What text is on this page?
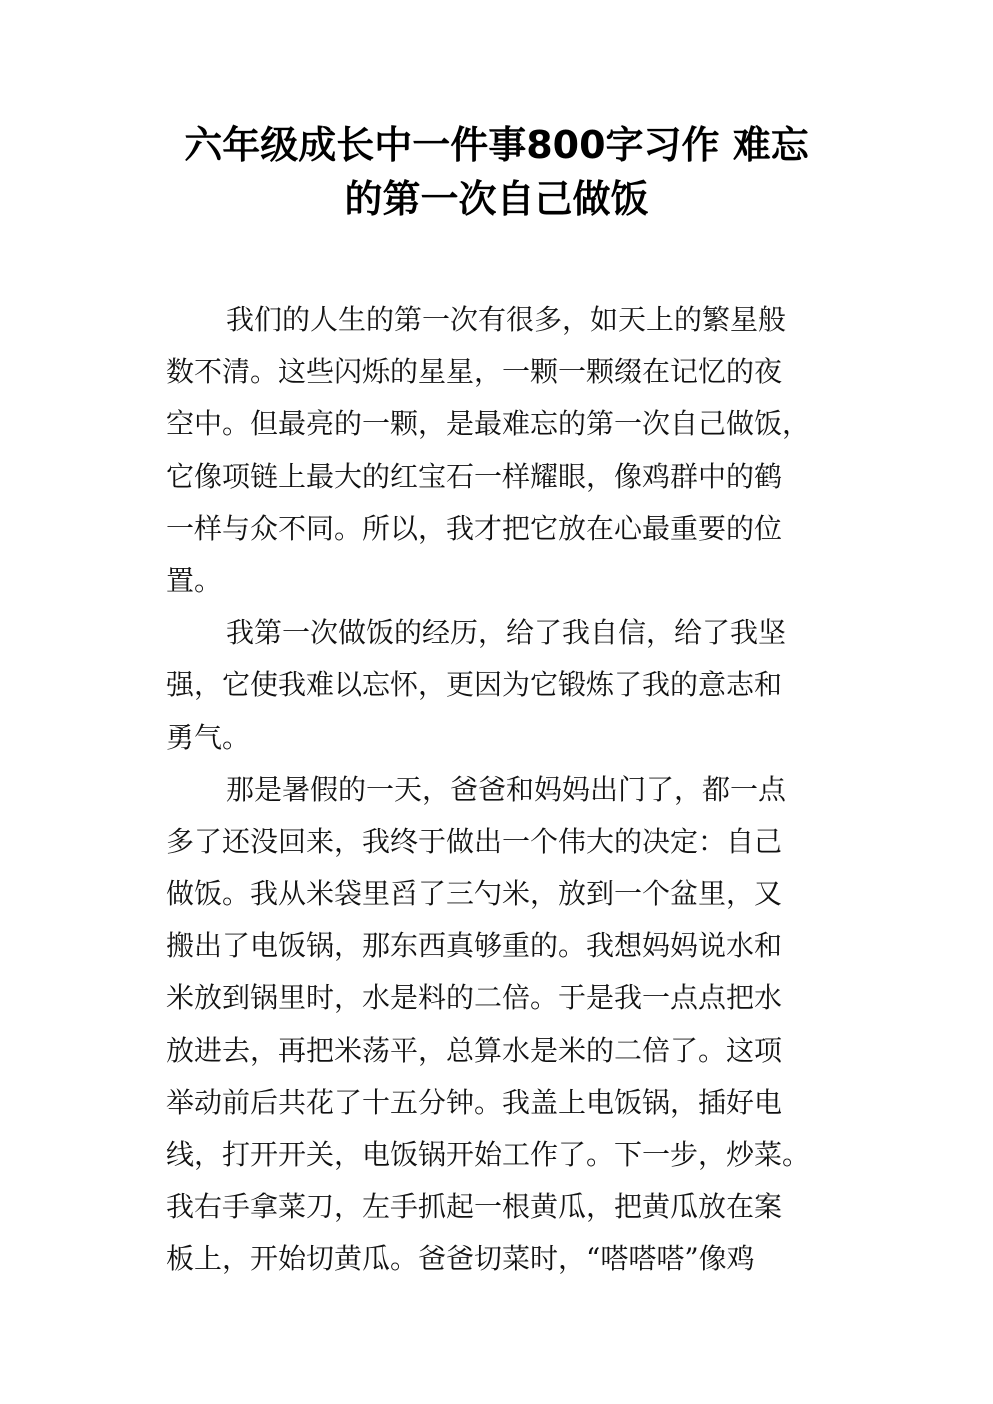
六年级成长中一件事800字习作 难忘
的第一次自己做饭
我们的人生的第一次有很多，如天上的繁星般
数不清。这些闪烁的星星，一颗一颗缀在记忆的夜
空中。但最亮的一颗，是最难忘的第一次自己做饭，
它像项链上最大的红宝石一样耀眼，像鸡群中的鹤
一样与众不同。所以，我才把它放在心最重要的位
置。
我第一次做饭的经历，给了我自信，给了我坚
强，它使我难以忘怀，更因为它锻炼了我的意志和
勇气。
那是暑假的一天，爸爸和妈妈出门了，都一点
多了还没回来，我终于做出一个伟大的决定：自己
做饭。我从米袋里舀了三勺米，放到一个盆里，又
搬出了电饭锅，那东西真够重的。我想妈妈说水和
米放到锅里时，水是料的二倍。于是我一点点把水
放进去，再把米荡平，总算水是米的二倍了。这项
举动前后共花了十五分钟。我盖上电饭锅，插好电
线，打开开关，电饭锅开始工作了。下一步，炒菜。
我右手拿菜刀，左手抓起一根黄瓜，把黄瓜放在案
板上，开始切黄瓜。爸爸切菜时，“嗒嗒嗒”像鸡
